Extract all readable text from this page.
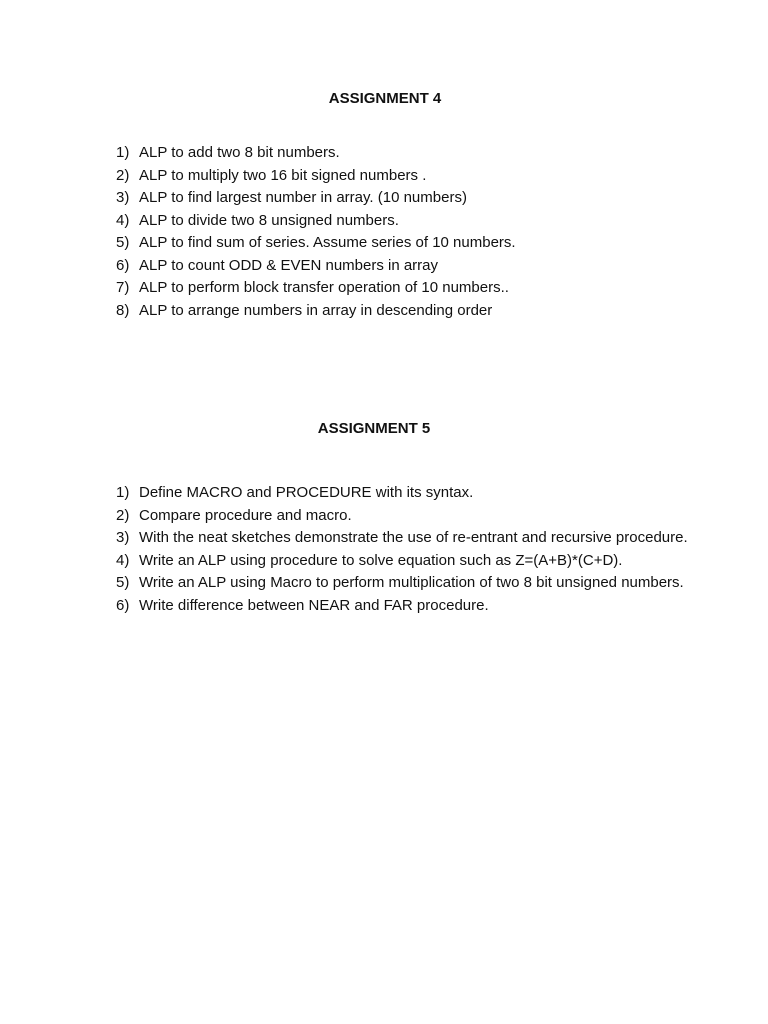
ASSIGNMENT 4
1) ALP to add two 8 bit numbers.
2) ALP to multiply two 16 bit signed numbers .
3) ALP to find largest number in array. (10 numbers)
4) ALP to divide two 8 unsigned numbers.
5) ALP to find sum of series. Assume series of 10 numbers.
6) ALP to count ODD & EVEN numbers in array
7) ALP to perform block transfer operation of 10 numbers..
8) ALP to arrange numbers in array in descending order
ASSIGNMENT 5
1) Define MACRO and PROCEDURE with its syntax.
2) Compare procedure and macro.
3) With the neat sketches demonstrate the use of re-entrant and recursive procedure.
4) Write an ALP using procedure to solve equation such as Z=(A+B)*(C+D).
5) Write an ALP using Macro to perform multiplication of two 8 bit unsigned numbers.
6) Write difference between NEAR and FAR procedure.
